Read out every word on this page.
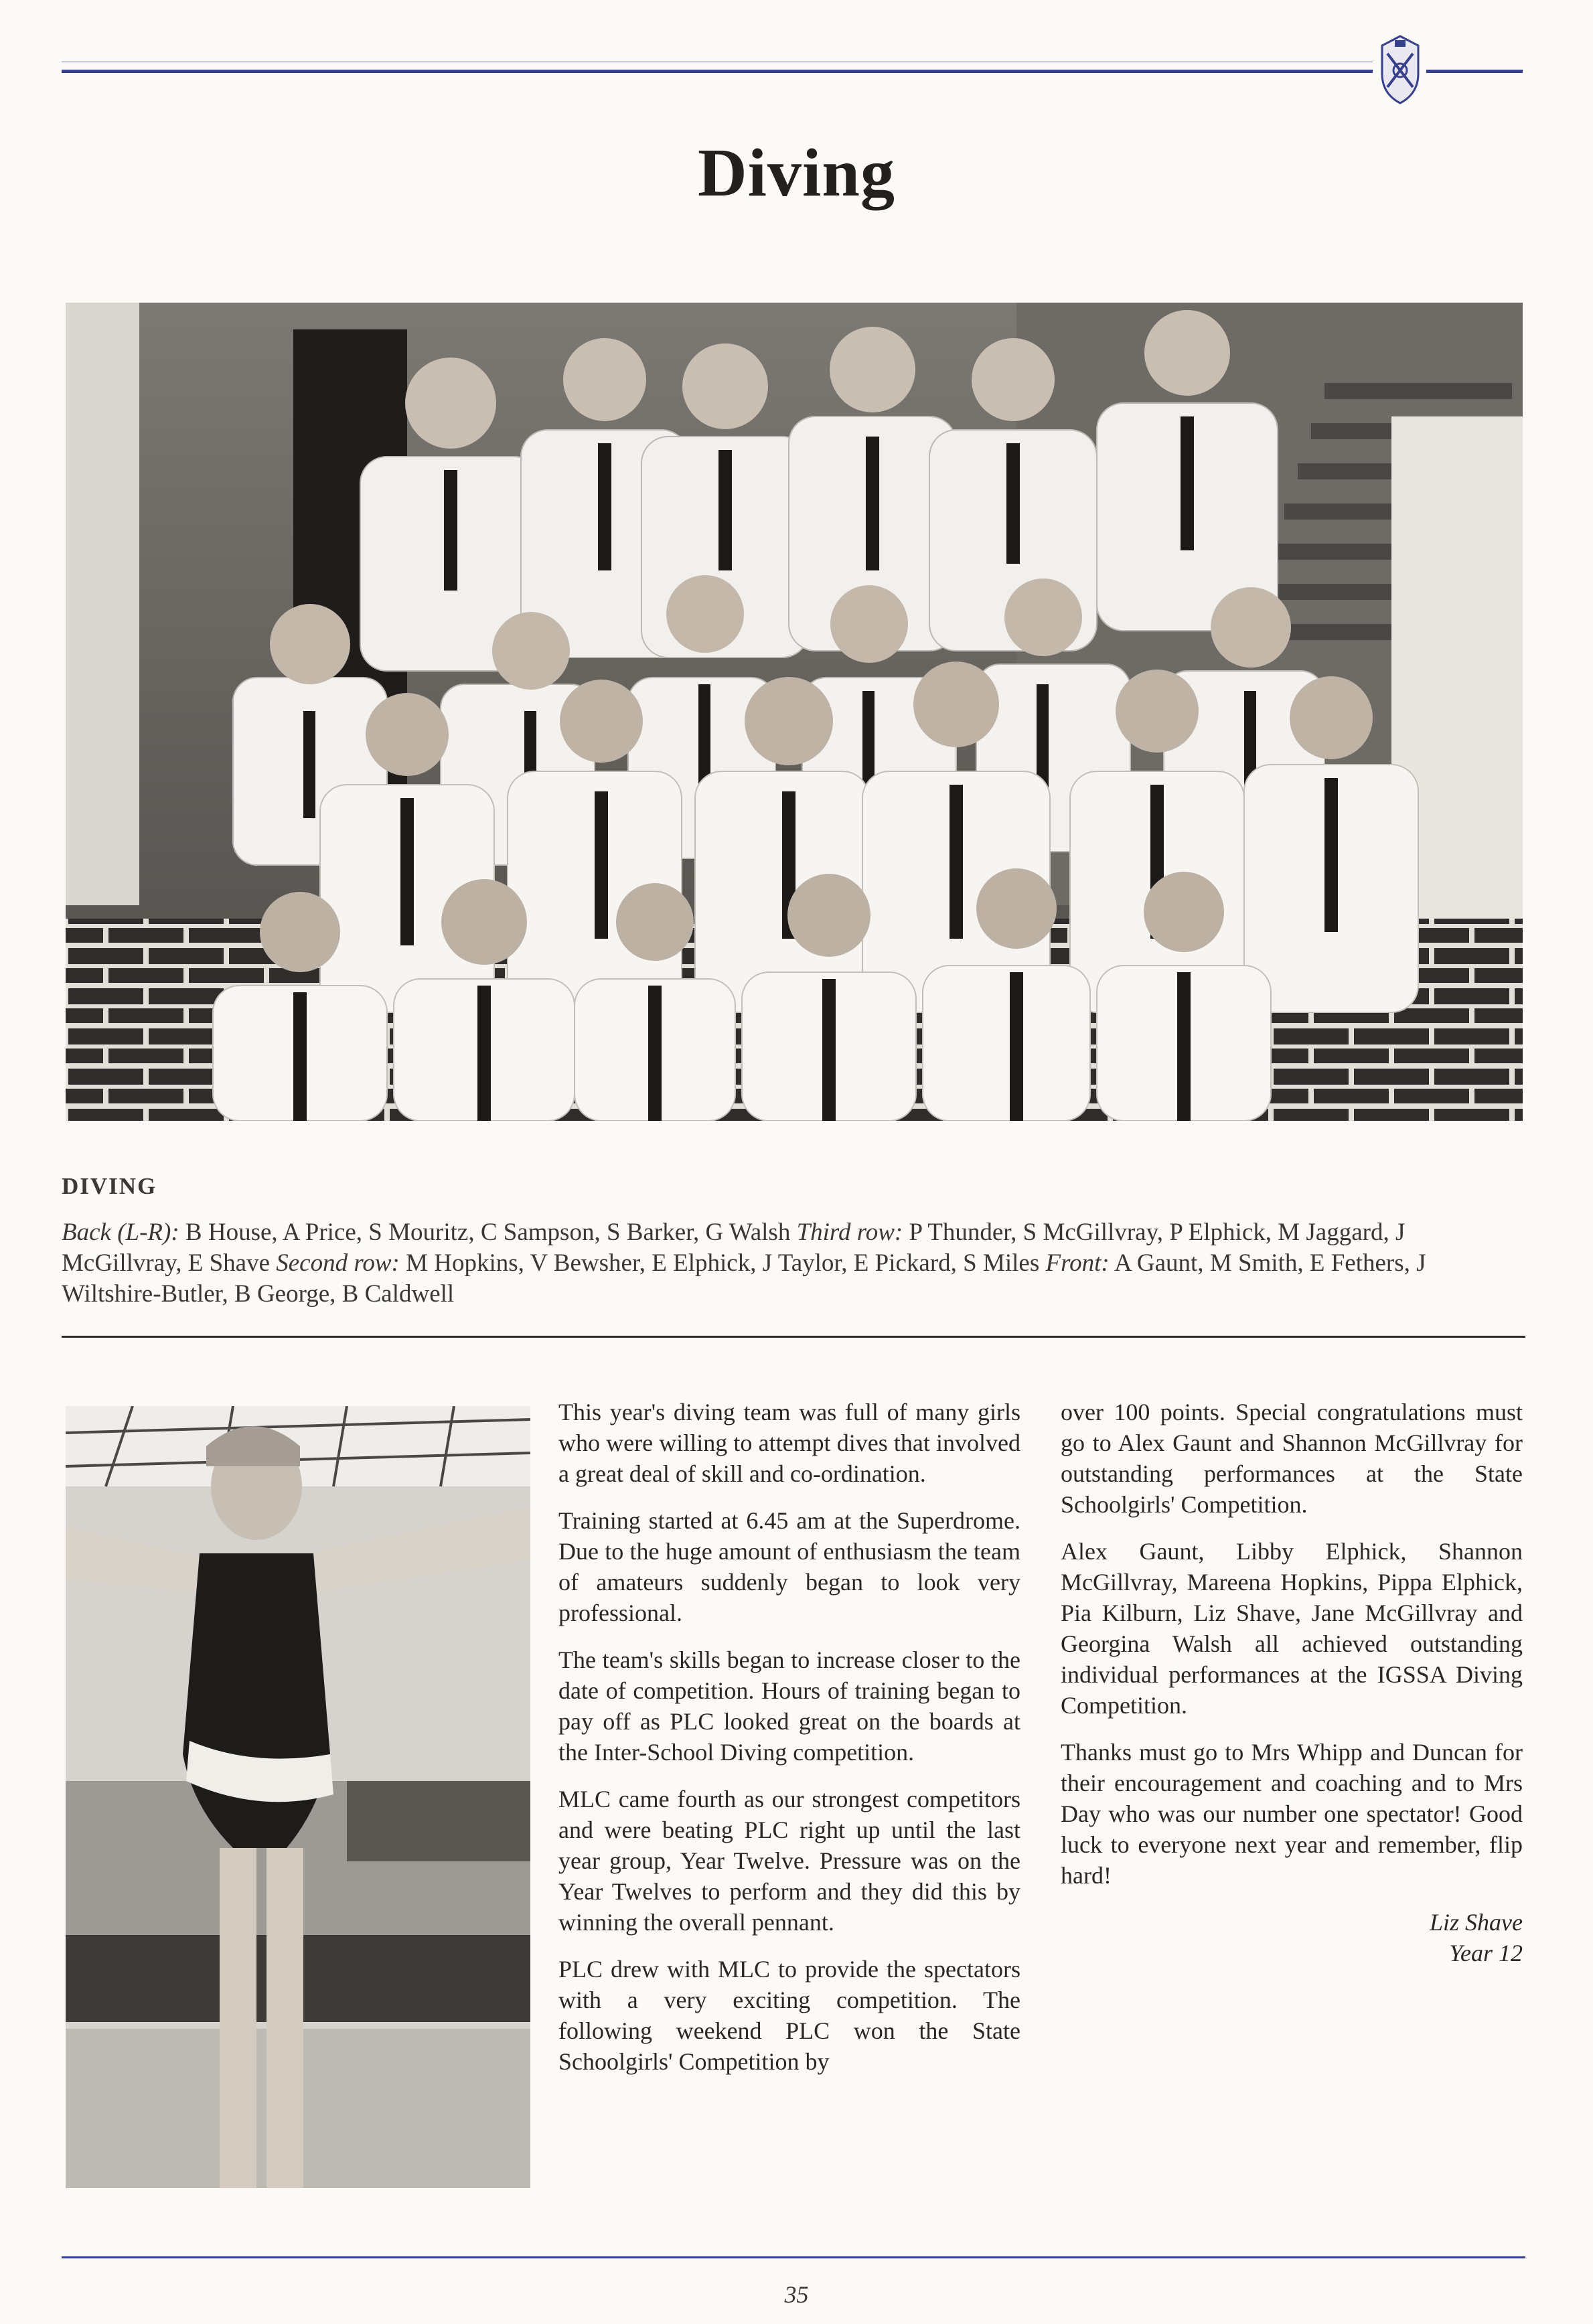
Diving
DIVING
Back (L-R): B House, A Price, S Mouritz, C Sampson, S Barker, G Walsh Third row: P Thunder, S McGillvray, P Elphick, M Jaggard, J McGillvray, E Shave Second row: M Hopkins, V Bewsher, E Elphick, J Taylor, E Pickard, S Miles Front: A Gaunt, M Smith, E Fethers, J Wiltshire-Butler, B George, B Caldwell

This year's diving team was full of many girls who were willing to attempt dives that involved a great deal of skill and co-ordination.

Training started at 6.45 am at the Superdrome. Due to the huge amount of enthusiasm the team of amateurs suddenly began to look very professional.

The team's skills began to increase closer to the date of competition. Hours of training began to pay off as PLC looked great on the boards at the Inter-School Diving competition.

MLC came fourth as our strongest competitors and were beating PLC right up until the last year group, Year Twelve. Pressure was on the Year Twelves to perform and they did this by winning the overall pennant.

PLC drew with MLC to provide the spectators with a very exciting competition. The following weekend PLC won the State Schoolgirls' Competition by

over 100 points. Special congratulations must go to Alex Gaunt and Shannon McGillvray for outstanding performances at the State Schoolgirls' Competition.

Alex Gaunt, Libby Elphick, Shannon McGillvray, Mareena Hopkins, Pippa Elphick, Pia Kilburn, Liz Shave, Jane McGillvray and Georgina Walsh all achieved outstanding individual performances at the IGSSA Diving Competition.

Thanks must go to Mrs Whipp and Duncan for their encouragement and coaching and to Mrs Day who was our number one spectator! Good luck to everyone next year and remember, flip hard!

Liz Shave
Year 12

35
